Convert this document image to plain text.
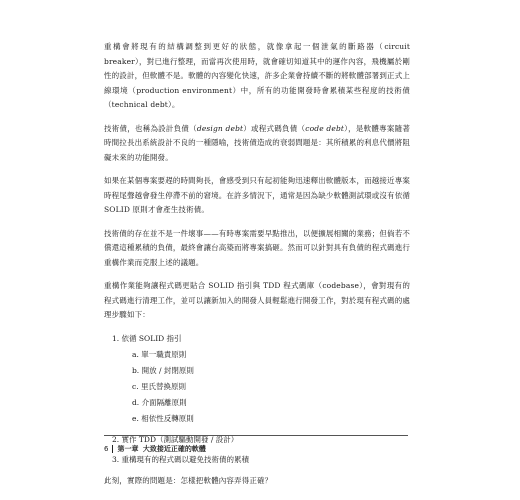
重構會將現有的結構調整到更好的狀態，就像拿起一個泄氣的斷路器（circuit breaker），對已進行整理，而當再次使用時，就會確切知道其中的運作內容，飛機屬於剛性的設計，但軟體不是。軟體的內容變化快速，許多企業會持續不斷的將軟體部署到正式上線環境（production environment）中，所有的功能開發時會累積某些程度的技術債（technical debt）。

技術債，也稱為設計負債（design debt）或程式碼負債（code debt），是軟體專案隨著時間拉長出系統設計不良的一種隱喻，技術債造成的衰弱問題是：其所積累的利息代價將阻礙未來的功能開發。

如果在某個專案要趕的時間夠長，會感受到只有起初能夠迅速釋出軟體版本，而越接近專案時程尾聲越會發生停滯不前的窘境。在許多情況下，通常是因為缺少軟體測試環或沒有依循 SOLID 原則才會產生技術債。

技術債的存在並不是一件壞事——有時專案需要早點推出，以便擴展相關的業務；但倘若不償還這種累積的負債，最終會讓台高築而將專案搞砸。然而可以針對具有負債的程式碼進行重構作業而克服上述的議題。

重構作業能夠讓程式碼更貼合 SOLID 指引與 TDD 程式碼庫（codebase），會對現有的程式碼進行清理工作，並可以讓新加入的開發人員輕鬆進行開發工作，對於現有程式碼的處理步驟如下：

1. 依循 SOLID 指引
a. 單一職責原則
b. 開放 / 封閉原則
c. 里氏替換原則
d. 介面隔離原則
e. 相依性反轉原則
2. 實作 TDD（測試驅動開發 / 設計）
3. 重構現有的程式碼以避免技術債的累積

此刻，實際的問題是：怎樣把軟體內容弄得正確？

6 第一章 大致接近正確的軟體
